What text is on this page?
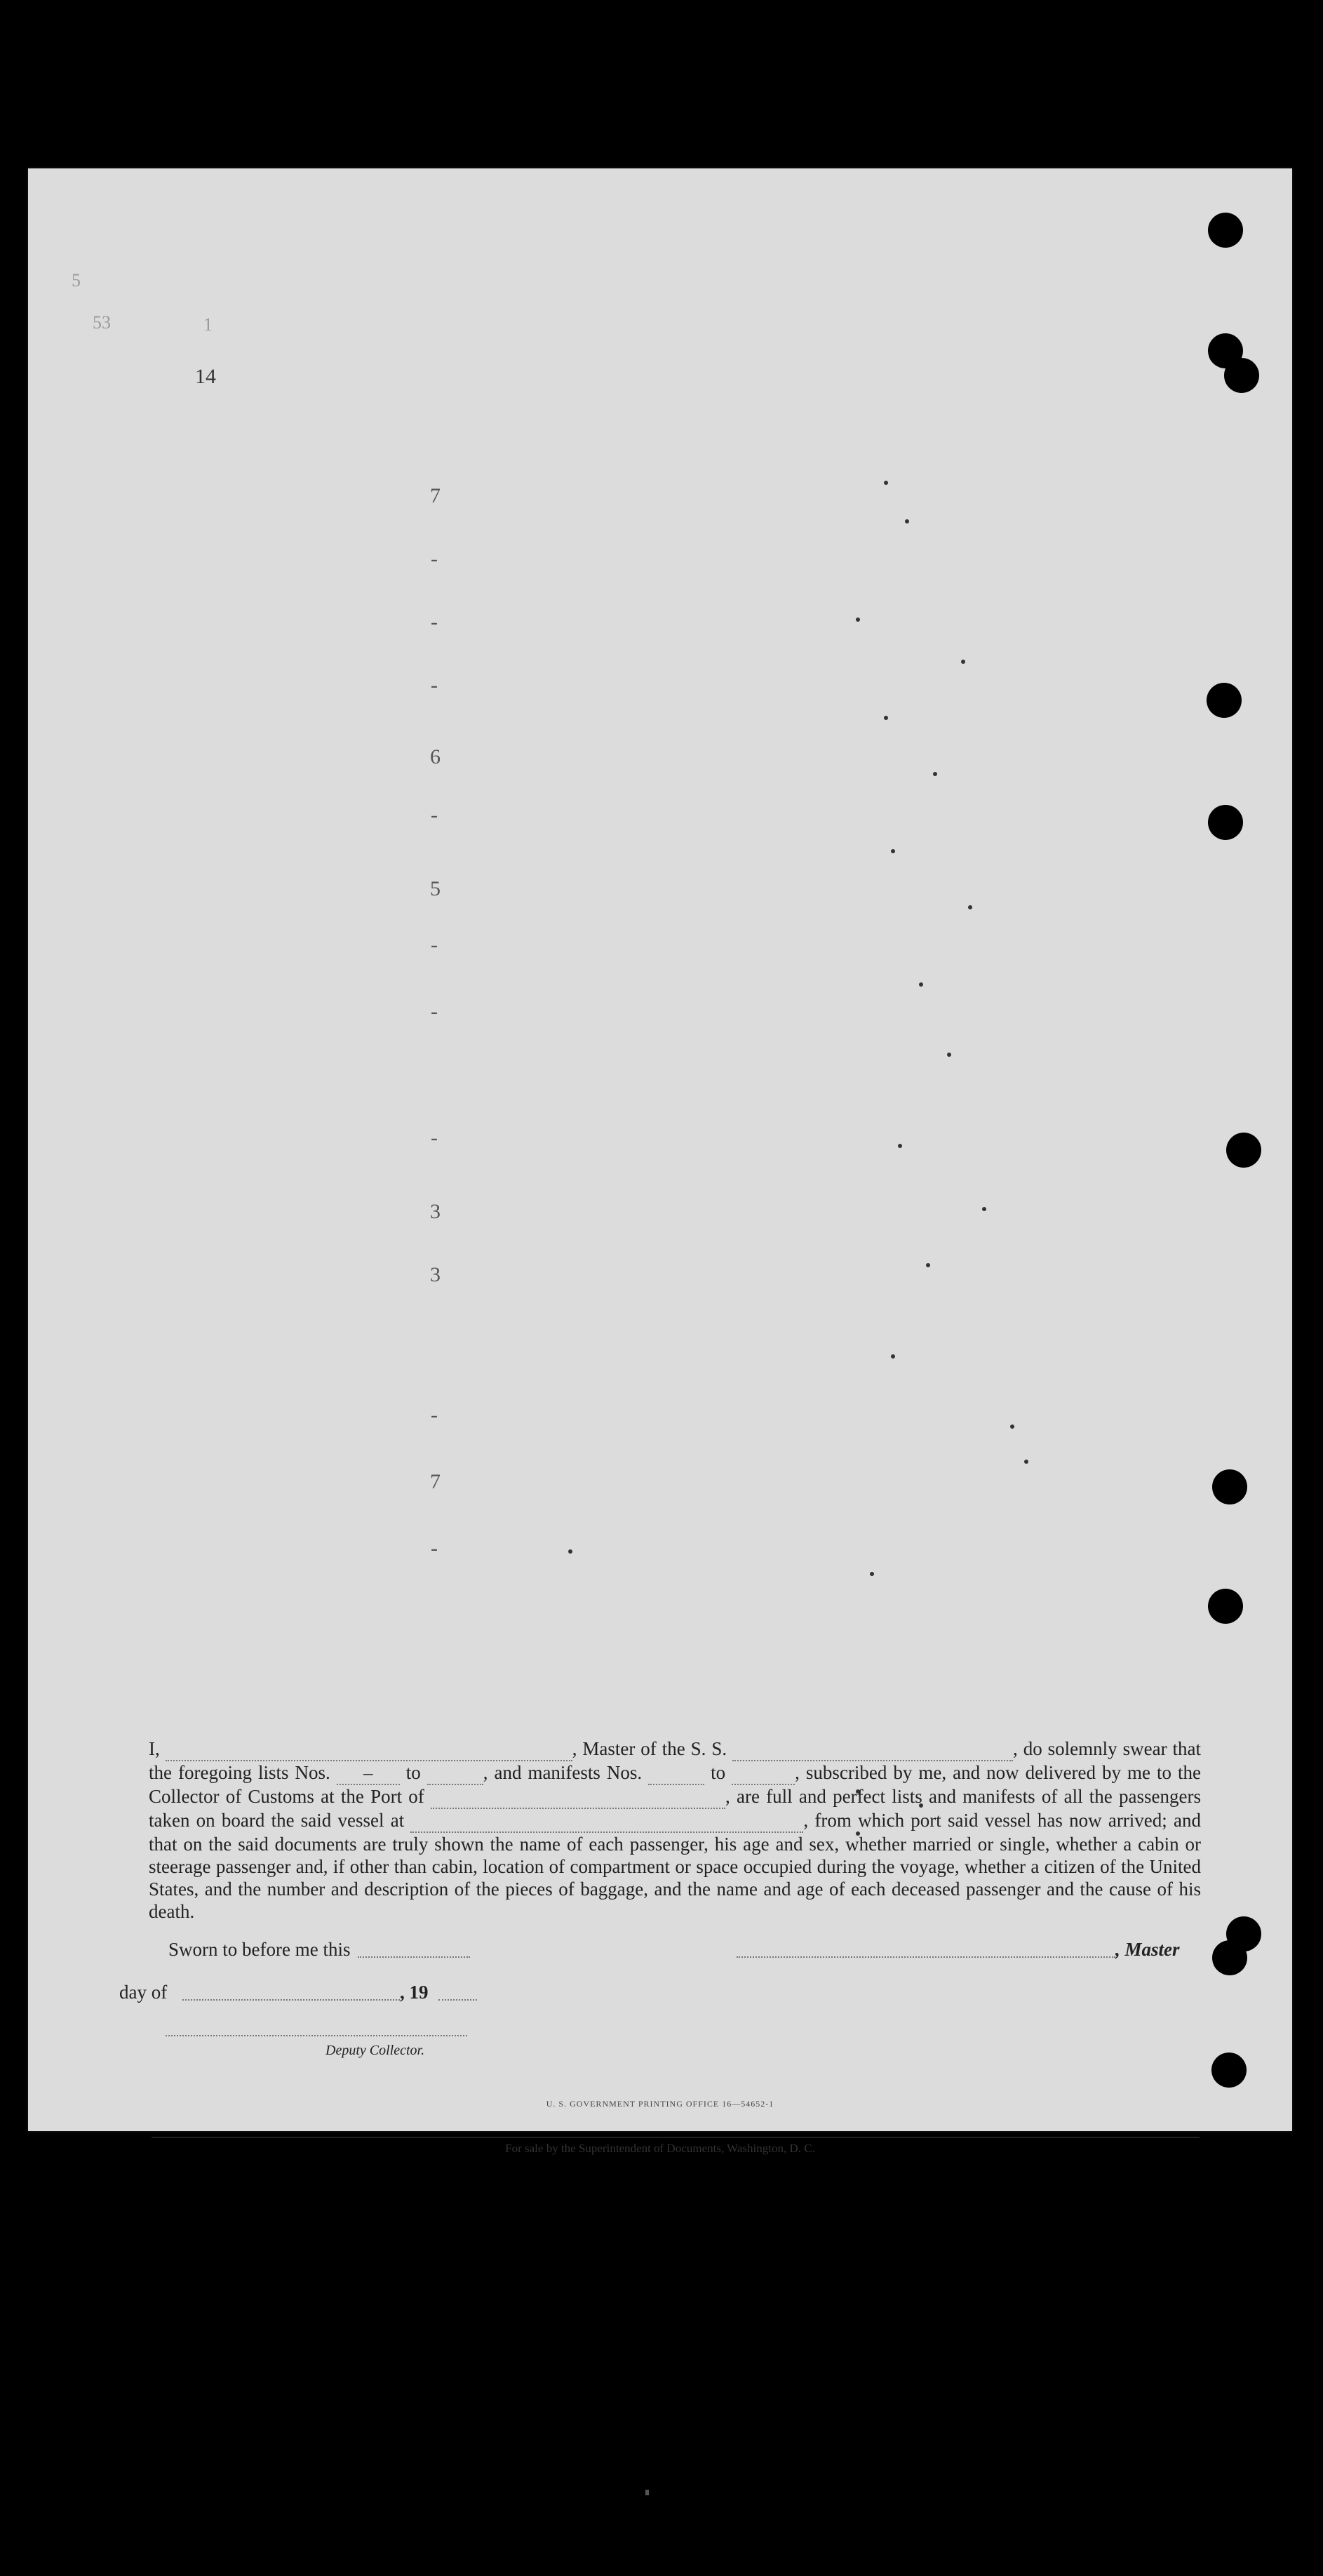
14
5
53	1
7
-
-
-
6
-
5
-
-
-
3
3
-
7
-
I,	, Master of the S. S.	, do solemnly swear that the foregoing lists Nos. – to	, and manifests Nos.	to	, subscribed by me, and now delivered by me to the Collector of Customs at the Port of	, are full and perfect lists and manifests of all the passengers taken on board the said vessel at	, from which port said vessel has now arrived; and that on the said documents are truly shown the name of each passenger, his age and sex, whether married or single, whether a cabin or steerage passenger and, if other than cabin, location of compartment or space occupied during the voyage, whether a citizen of the United States, and the number and description of the pieces of baggage, and the name and age of each deceased passenger and the cause of his death.
Sworn to before me this	, Master
day of	, 19
Deputy Collector.
U. S. GOVERNMENT PRINTING OFFICE 16—54652-1
For sale by the Superintendent of Documents, Washington, D. C.
